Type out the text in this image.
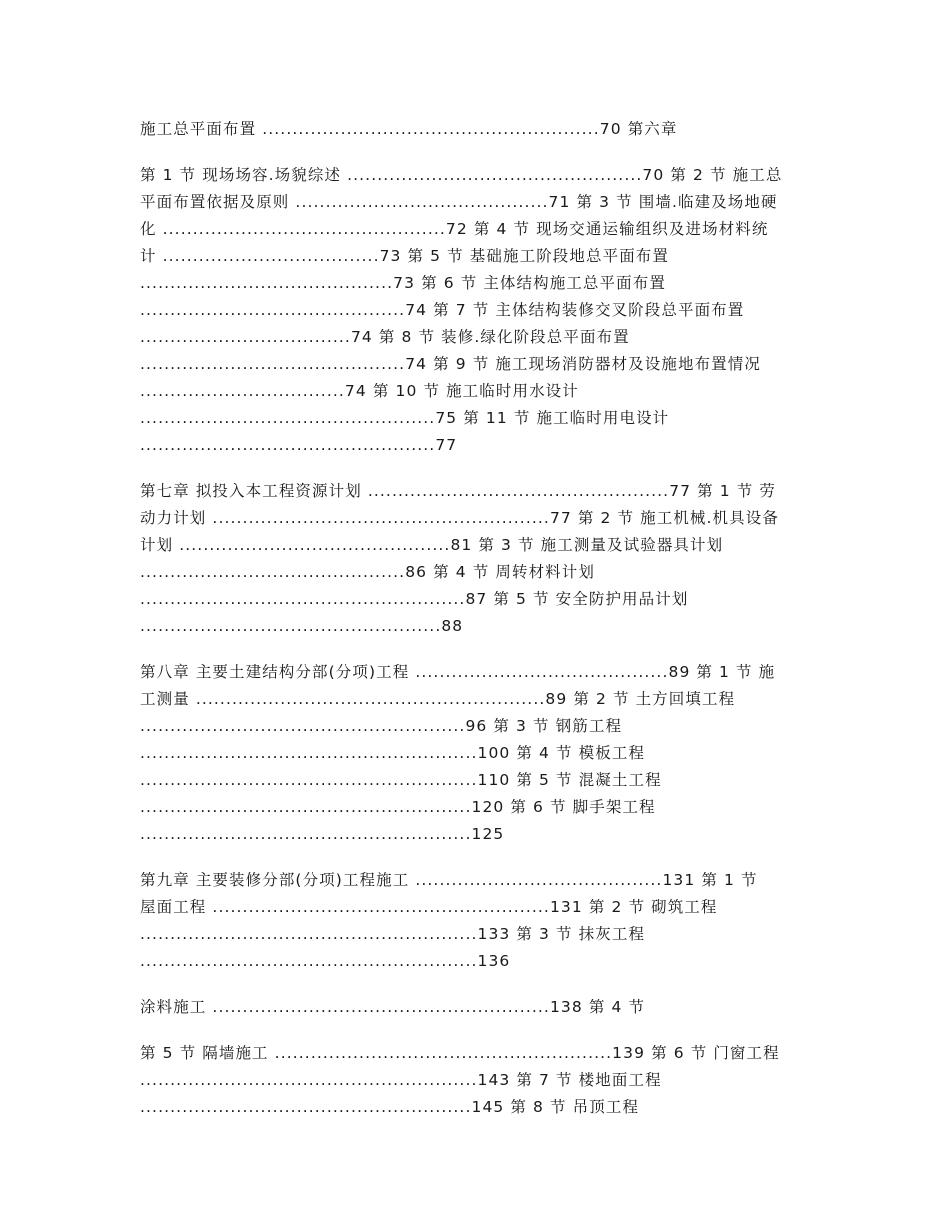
施工总平面布置 ........................................................70 第六章
第 1 节 现场场容.场貌综述 .................................................70 第 2 节 施工总
平面布置依据及原则 ..........................................71 第 3 节 围墙.临建及场地硬
化 ...............................................72 第 4 节 现场交通运输组织及进场材料统
计 ....................................73 第 5 节 基础施工阶段地总平面布置
..........................................73 第 6 节 主体结构施工总平面布置
............................................74 第 7 节 主体结构装修交叉阶段总平面布置
...................................74 第 8 节 装修.绿化阶段总平面布置
............................................74 第 9 节 施工现场消防器材及设施地布置情况
..................................74 第 10 节 施工临时用水设计
.................................................75 第 11 节 施工临时用电设计
.................................................77
第七章 拟投入本工程资源计划 ..................................................77 第 1 节 劳
动力计划 ........................................................77 第 2 节 施工机械.机具设备
计划 .............................................81 第 3 节 施工测量及试验器具计划
............................................86 第 4 节 周转材料计划
......................................................87 第 5 节 安全防护用品计划
..................................................88
第八章 主要土建结构分部(分项)工程 ..........................................89 第 1 节 施
工测量 ..........................................................89 第 2 节 土方回填工程
......................................................96 第 3 节 钢筋工程
........................................................100 第 4 节 模板工程
........................................................110 第 5 节 混凝土工程
.......................................................120 第 6 节 脚手架工程
.......................................................125
第九章 主要装修分部(分项)工程施工 .........................................131 第 1 节
屋面工程 ........................................................131 第 2 节 砌筑工程
........................................................133 第 3 节 抹灰工程
........................................................136
涂料施工 ........................................................138 第 4 节
第 5 节 隔墙施工 ........................................................139 第 6 节 门窗工程
........................................................143 第 7 节 楼地面工程
.......................................................145 第 8 节 吊顶工程
